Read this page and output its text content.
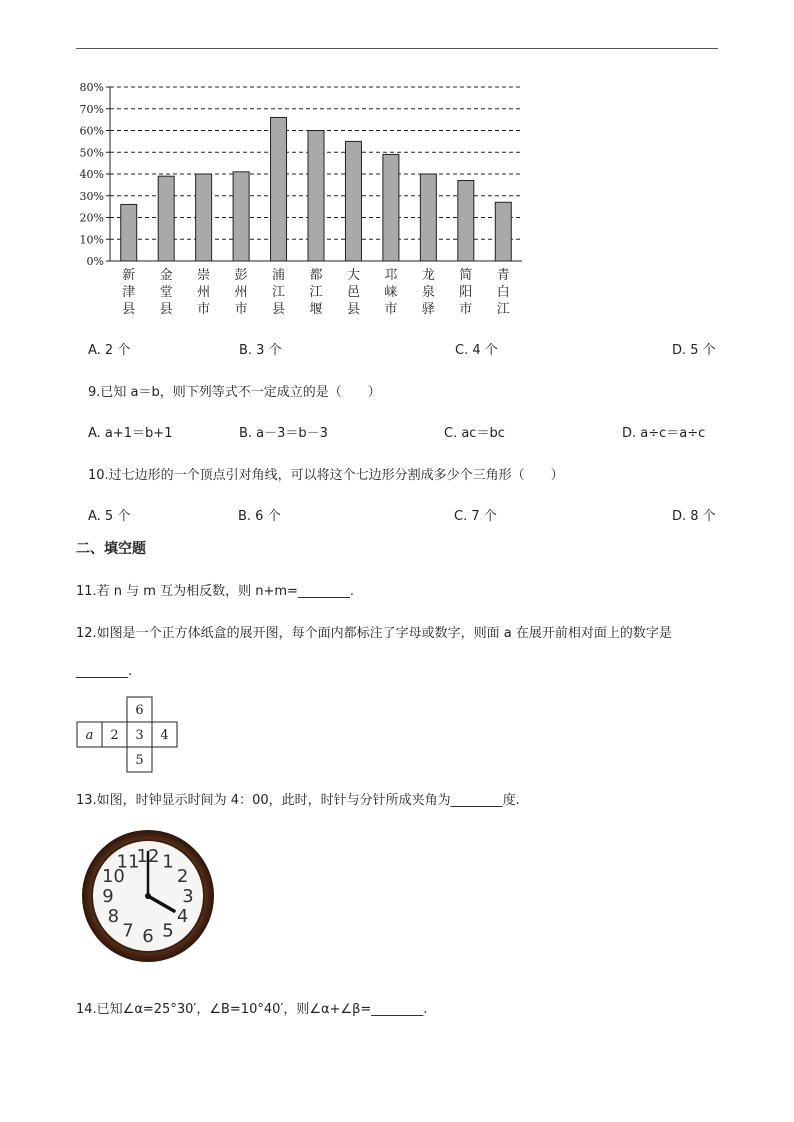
0%
10%
20%
30%
40%
50%
60%
70%
80%
新
津
县
金
堂
县
崇
州
市
彭
州
市
浦
江
县
都
江
堰
大
邑
县
邛
崃
市
龙
泉
驿
简
阳
市
青
白
江
A. 2 个	B. 3 个	C. 4 个	D. 5 个
9.已知 a＝b，则下列等式不一定成立的是（　　）
A. a+1＝b+1	B. a－3＝b－3	C. ac＝bc	D. a÷c＝a÷c
10.过七边形的一个顶点引对角线，可以将这个七边形分割成多少个三角形（　　）
A. 5 个	B. 6 个	C. 7 个	D. 8 个
二、填空题
11.若 n 与 m 互为相反数，则 n+m=________.
12.如图是一个正方体纸盒的展开图，每个面内都标注了字母或数字，则面 a 在展开前相对面上的数字是
________.
6
a 2 3 4
5
13.如图，时钟显示时间为 4：00，此时，时针与分针所成夹角为________度.
12 1
2
3
4
5
6
7
8
9
10
11
14.已知∠α=25°30′，∠B=10°40′，则∠α+∠β=________.
